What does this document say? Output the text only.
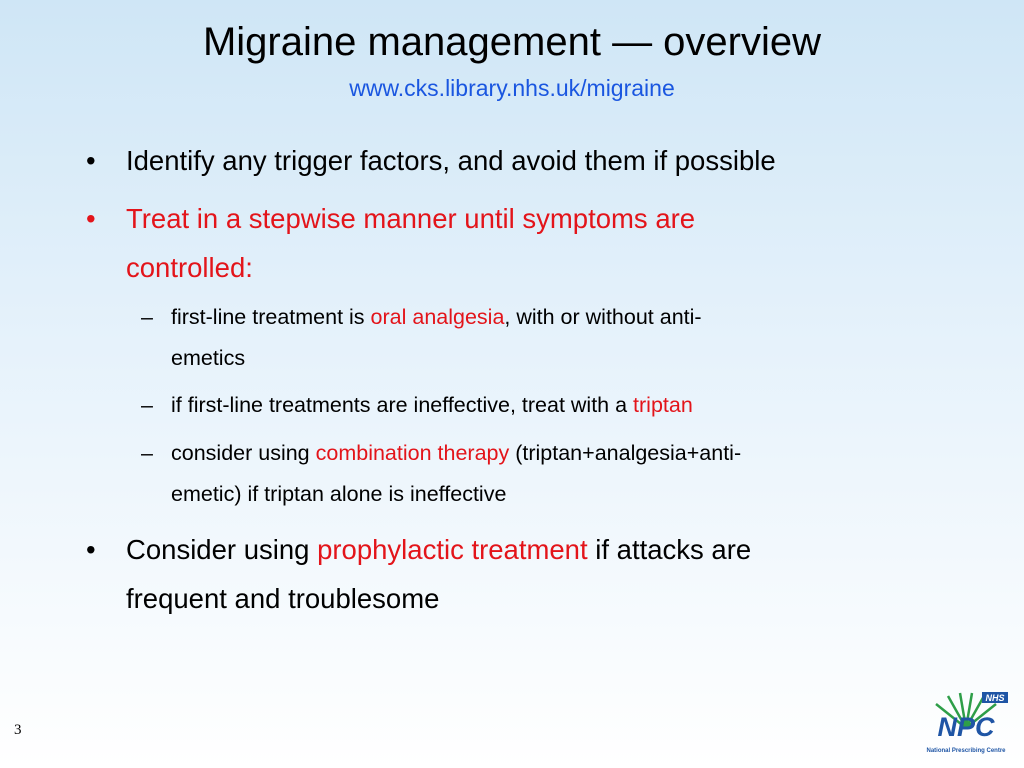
Migraine management — overview
www.cks.library.nhs.uk/migraine
• Identify any trigger factors, and avoid them if possible
• Treat in a stepwise manner until symptoms are
controlled:
– first-line treatment is oral analgesia, with or without anti-
emetics
– if first-line treatments are ineffective, treat with a triptan
– consider using combination therapy (triptan+analgesia+anti-
emetic) if triptan alone is ineffective
• Consider using prophylactic treatment if attacks are
frequent and troublesome
3
NHS
NPC
National Prescribing Centre
